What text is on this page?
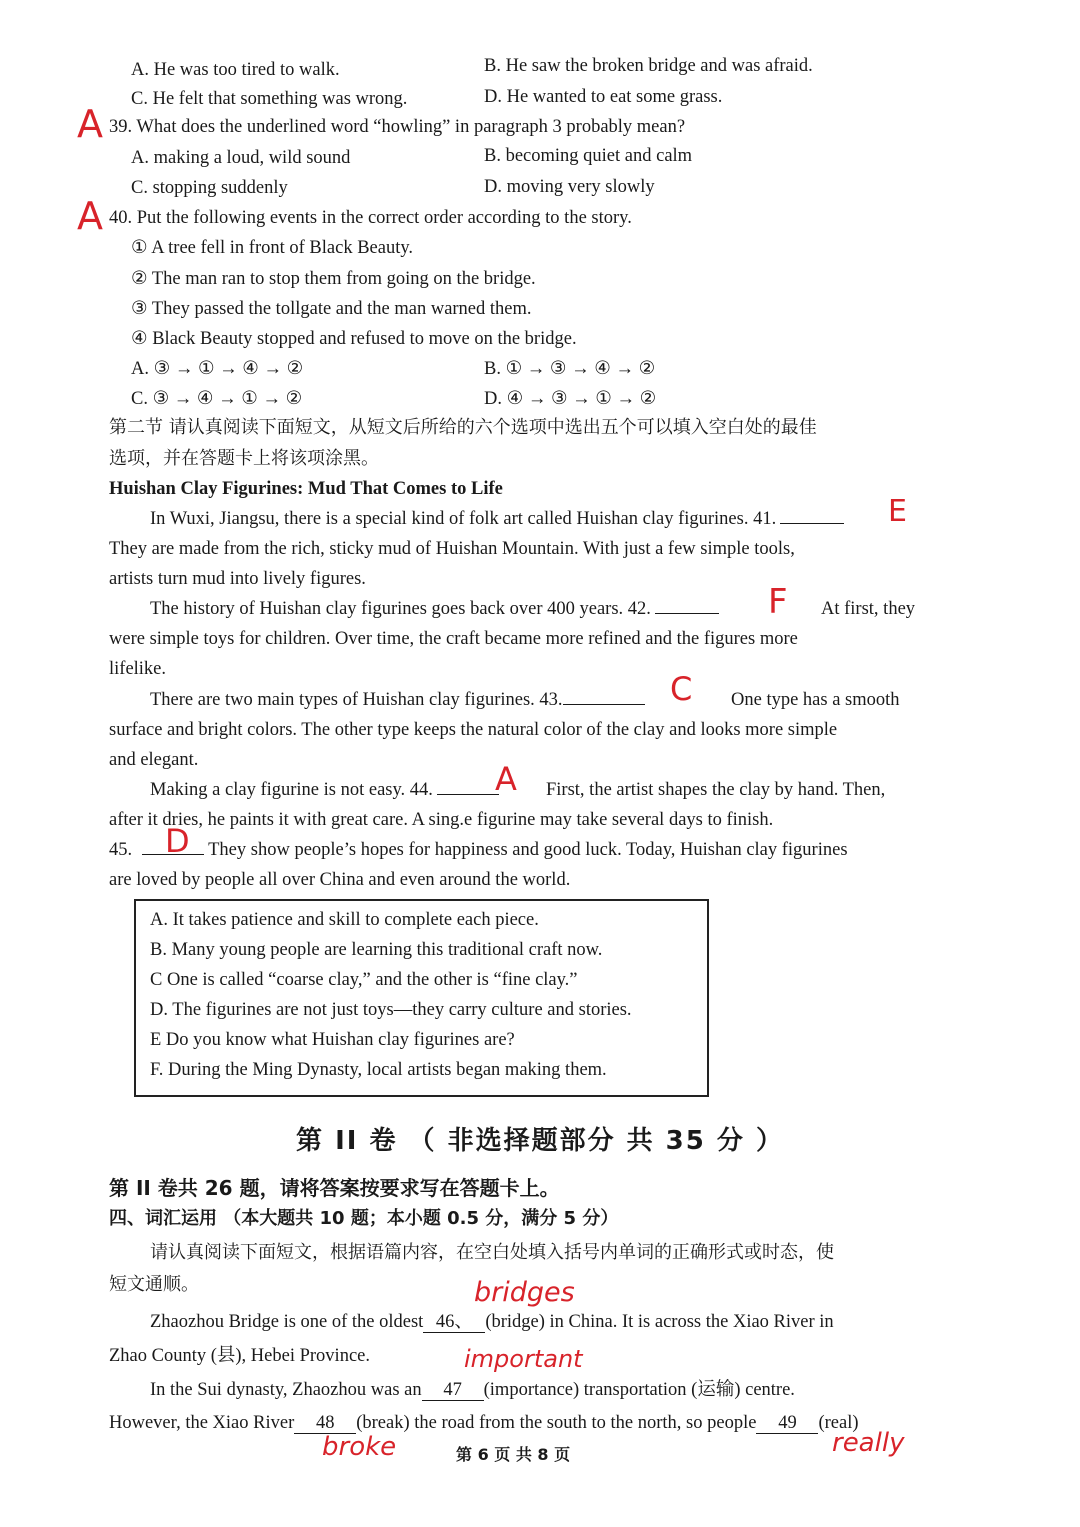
A. He was too tired to walk.	B. He saw the broken bridge and was afraid.
C. He felt that something was wrong.	D. He wanted to eat some grass.
A 39. What does the underlined word “howling” in paragraph 3 probably mean?
A. making a loud, wild sound	B. becoming quiet and calm
C. stopping suddenly	D. moving very slowly
A 40. Put the following events in the correct order according to the story.
① A tree fell in front of Black Beauty.
② The man ran to stop them from going on the bridge.
③ They passed the tollgate and the man warned them.
④ Black Beauty stopped and refused to move on the bridge.
A. ③ → ① → ④ → ②	B. ① → ③ → ④ → ②
C. ③ → ④ → ① → ②	D. ④ → ③ → ① → ②
第二节 请认真阅读下面短文，从短文后所给的六个选项中选出五个可以填入空白处的最佳
选项，并在答题卡上将该项涂黑。
Huishan Clay Figurines: Mud That Comes to Life
In Wuxi, Jiangsu, there is a special kind of folk art called Huishan clay figurines. 41.	E
They are made from the rich, sticky mud of Huishan Mountain. With just a few simple tools,
artists turn mud into lively figures.
The history of Huishan clay figurines goes back over 400 years. 42.	At first, they
F
were simple toys for children. Over time, the craft became more refined and the figures more
lifelike.
There are two main types of Huishan clay figurines. 43.	One type has a smooth
C
surface and bright colors. The other type keeps the natural color of the clay and looks more simple
and elegant.
Making a clay figurine is not easy. 44.	First, the artist shapes the clay by hand. Then,
A
after it dries, he paints it with great care. A sing.e figurine may take several days to finish.
45.	They show people’s hopes for happiness and good luck. Today, Huishan clay figurines
D
are loved by people all over China and even around the world.
A. It takes patience and skill to complete each piece.
B. Many young people are learning this traditional craft now.
C One is called “coarse clay,” and the other is “fine clay.”
D. The figurines are not just toys—they carry culture and stories.
E Do you know what Huishan clay figurines are?
F. During the Ming Dynasty, local artists began making them.
第 II 卷 （ 非选择题部分 共 35 分 ）
第 II 卷共 26 题，请将答案按要求写在答题卡上。
四、词汇运用 （本大题共 10 题；本小题 0.5 分，满分 5 分）
请认真阅读下面短文，根据语篇内容，在空白处填入括号内单词的正确形式或时态，使
短文通顺。	bridges
important
broke	really
Zhaozhou Bridge is one of the oldest 46、 (bridge) in China. It is across the Xiao River in
Zhao County (县), Hebei Province.
In the Sui dynasty, Zhaozhou was an 47 (importance) transportation (运输) centre.
However, the Xiao River 48 (break) the road from the south to the north, so people 49 (real)
第 6 页 共 8 页
